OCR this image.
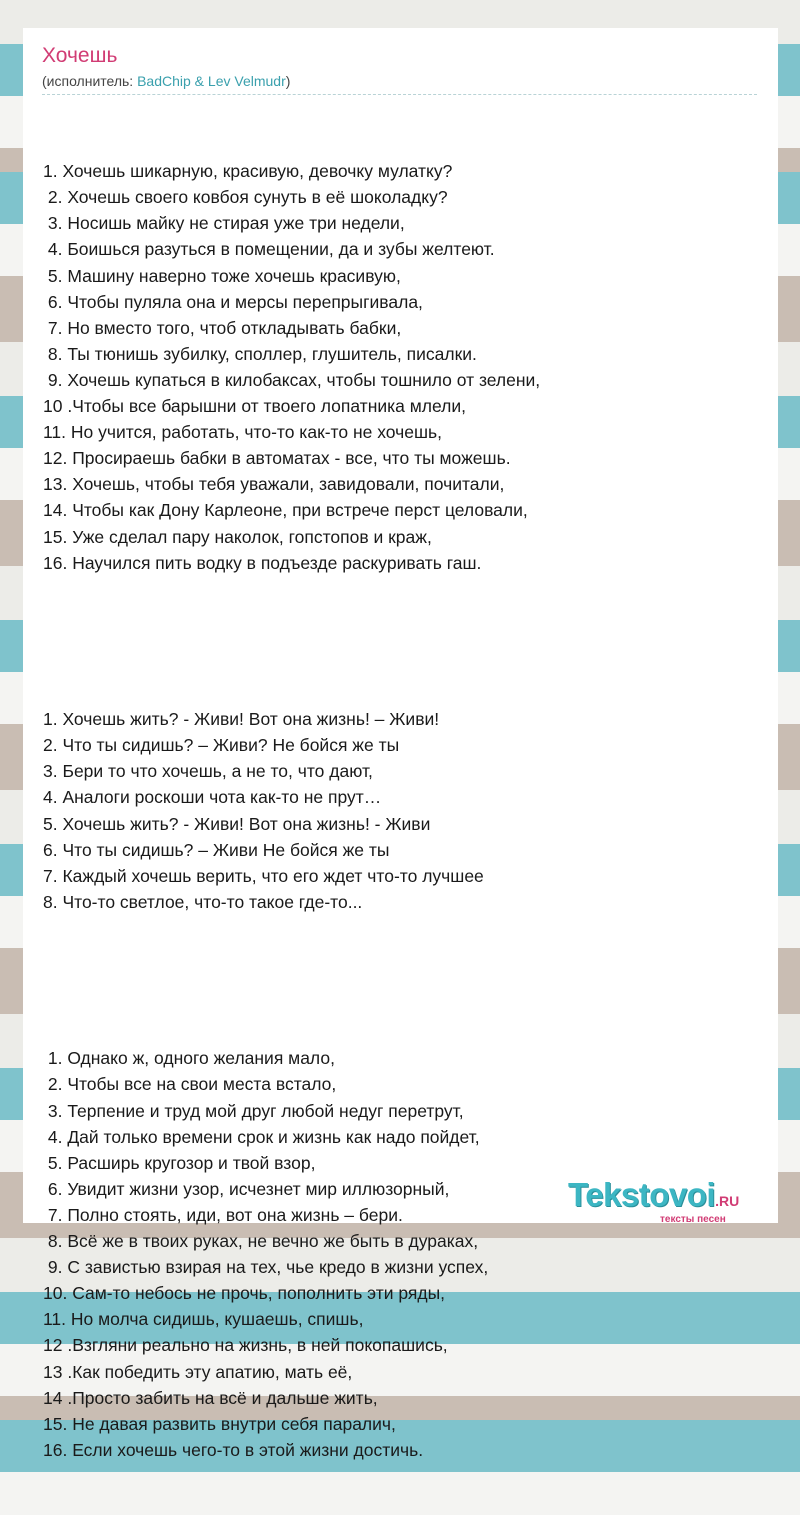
Хочешь
(исполнитель: BadChip & Lev Velmudr)

1. Хочешь шикарную, красивую, девочку мулатку?
2. Хочешь своего ковбоя сунуть в её шоколадку?
3. Носишь майку не стирая уже три недели,
4. Боишься разуться в помещении, да и зубы желтеют.
5. Машину наверно тоже хочешь красивую,
6. Чтобы пуляла она и мерсы перепрыгивала,
7. Но вместо того, чтоб откладывать бабки,
8. Ты тюнишь зубилку, споллер, глушитель, писалки.
9. Хочешь купаться в килобаксах, чтобы тошнило от зелени,
10 .Чтобы все барышни от твоего лопатника млели,
11. Но учится, работать, что-то как-то не хочешь,
12. Просираешь бабки в автоматах - все, что ты можешь.
13. Хочешь, чтобы тебя уважали, завидовали, почитали,
14. Чтобы как Дону Карлеоне, при встрече перст целовали,
15. Уже сделал пару наколок, гопстопов и краж,
16. Научился пить водку в подъезде раскуривать гаш.

1. Хочешь жить? - Живи! Вот она жизнь! – Живи!
2. Что ты сидишь? – Живи? Не бойся же ты
3. Бери то что хочешь, а не то, что дают,
4. Аналоги роскоши чота как-то не прут…
5. Хочешь жить? - Живи! Вот она жизнь! - Живи
6. Что ты сидишь? – Живи Не бойся же ты
7. Каждый хочешь верить, что его ждет что-то лучшее
8. Что-то светлое, что-то такое где-то...

1. Однако ж, одного желания мало,
2. Чтобы все на свои места встало,
3. Терпение и труд мой друг любой недуг перетрут,
4. Дай только времени срок и жизнь как надо пойдет,
5. Расширь кругозор и твой взор,
6. Увидит жизни узор, исчезнет мир иллюзорный,
7. Полно стоять, иди, вот она жизнь – бери.
8. Всё же в твоих руках, не вечно же быть в дураках,
9. С завистью взирая на тех, чье кредо в жизни успех,
10. Сам-то небось не прочь, пополнить эти ряды,
11. Но молча сидишь, кушаешь, спишь,
12 .Взгляни реально на жизнь, в ней покопашись,
13 .Как победить эту апатию, мать её,
14 .Просто забить на всё и дальше жить,
15. Не давая развить внутри себя паралич,
16. Если хочешь чего-то в этой жизни достичь.

Tekstovoi.RU
тексты песен
